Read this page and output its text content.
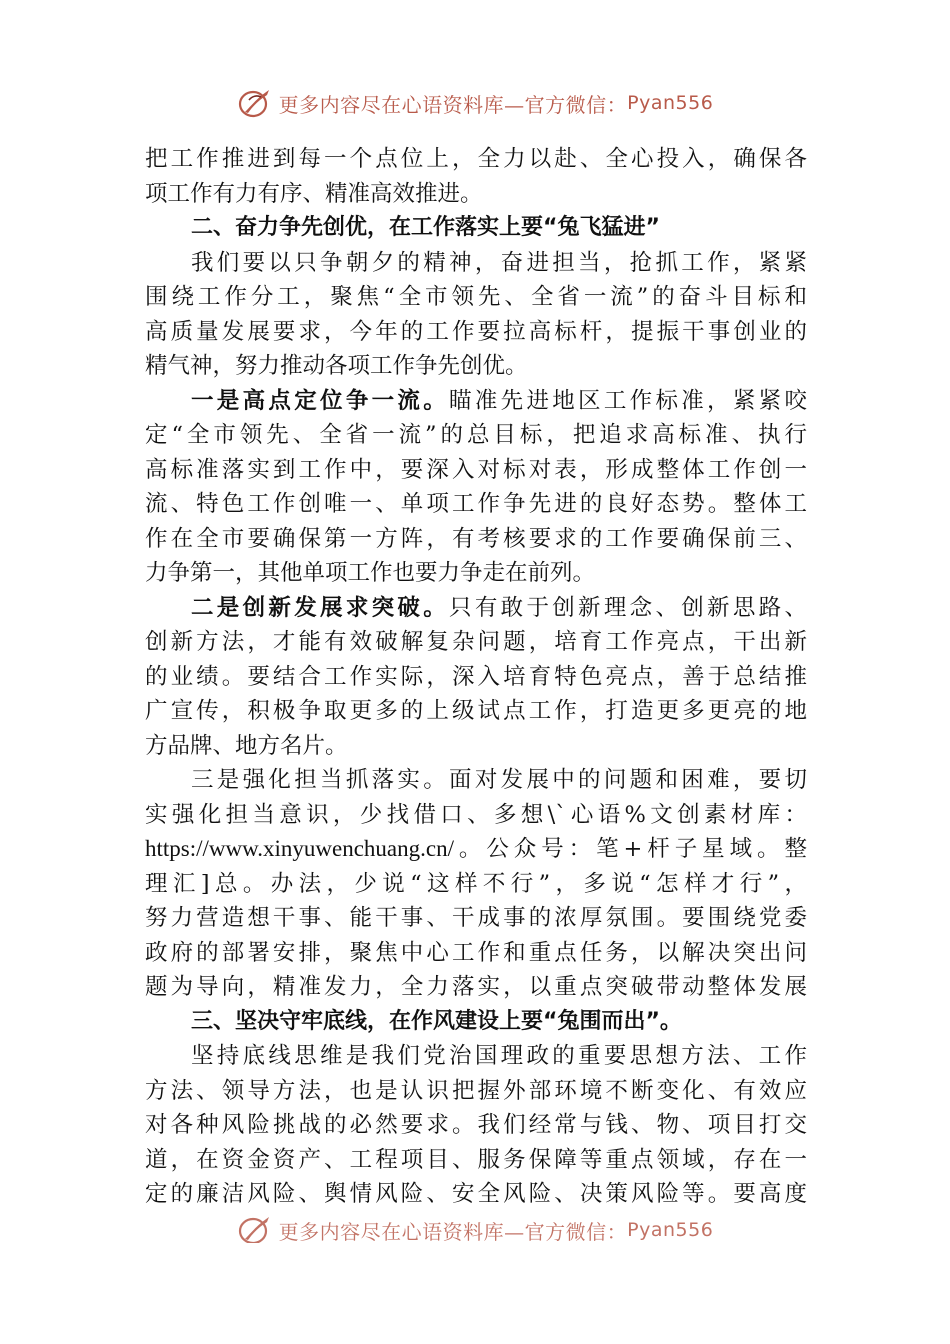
更多内容尽在心语资料库—官方微信： Pyan556
把工作推进到每一个点位上，全力以赴、全心投入，确保各
项工作有力有序、精准高效推进。
二、奋力争先创优，在工作落实上要“兔飞猛进”
我们要以只争朝夕的精神，奋进担当，抢抓工作，紧紧
围绕工作分工，聚焦“全市领先、全省一流”的奋斗目标和
高质量发展要求，今年的工作要拉高标杆，提振干事创业的
精气神，努力推动各项工作争先创优。
一是高点定位争一流。瞄准先进地区工作标准，紧紧咬
定“全市领先、全省一流”的总目标，把追求高标准、执行
高标准落实到工作中，要深入对标对表，形成整体工作创一
流、特色工作创唯一、单项工作争先进的良好态势。整体工
作在全市要确保第一方阵，有考核要求的工作要确保前三、
力争第一，其他单项工作也要力争走在前列。
二是创新发展求突破。只有敢于创新理念、创新思路、
创新方法，才能有效破解复杂问题，培育工作亮点，干出新
的业绩。要结合工作实际，深入培育特色亮点，善于总结推
广宣传，积极争取更多的上级试点工作，打造更多更亮的地
方品牌、地方名片。
三是强化担当抓落实。面对发展中的问题和困难，要切
实强化担当意识，少找借口、多想\`心语%文创素材库：
https://www.xinyuwenchuang.cn/。公众号：笔+杆子星域。整
理汇]总。办法，少说“这样不行”，多说“怎样才行”，
努力营造想干事、能干事、干成事的浓厚氛围。要围绕党委
政府的部署安排，聚焦中心工作和重点任务，以解决突出问
题为导向，精准发力，全力落实，以重点突破带动整体发展
三、坚决守牢底线，在作风建设上要“兔围而出”。
坚持底线思维是我们党治国理政的重要思想方法、工作
方法、领导方法，也是认识把握外部环境不断变化、有效应
对各种风险挑战的必然要求。我们经常与钱、物、项目打交
道，在资金资产、工程项目、服务保障等重点领域，存在一
定的廉洁风险、舆情风险、安全风险、决策风险等。要高度
更多内容尽在心语资料库—官方微信： Pyan556
